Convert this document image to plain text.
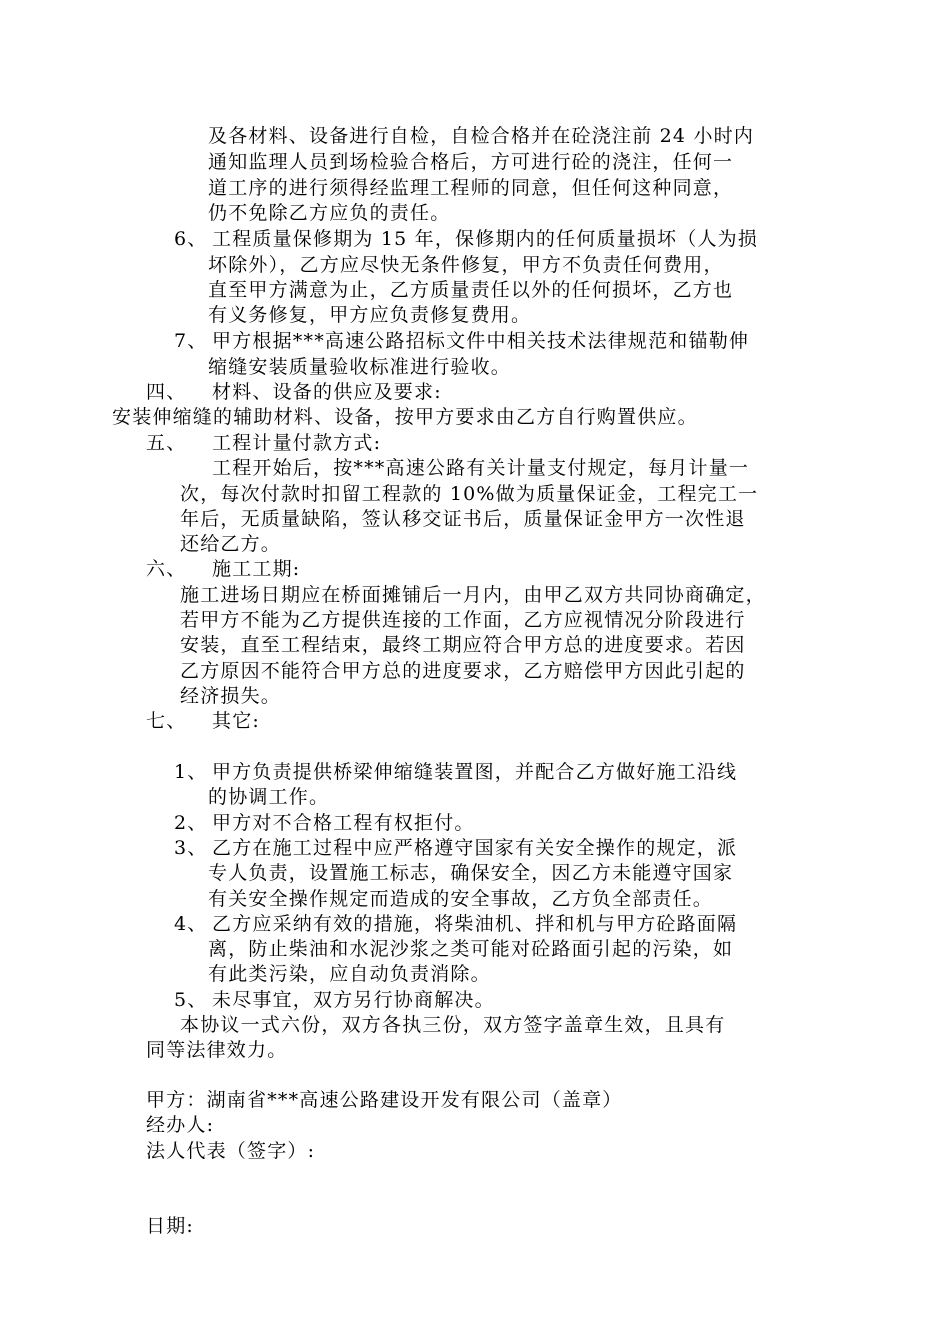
及各材料、设备进行自检，自检合格并在砼浇注前 24 小时内
通知监理人员到场检验合格后，方可进行砼的浇注，任何一
道工序的进行须得经监理工程师的同意，但任何这种同意，
仍不免除乙方应负的责任。
6、 工程质量保修期为 15 年，保修期内的任何质量损坏（人为损
坏除外），乙方应尽快无条件修复，甲方不负责任何费用，
直至甲方满意为止，乙方质量责任以外的任何损坏，乙方也
有义务修复，甲方应负责修复费用。
7、 甲方根据***高速公路招标文件中相关技术法律规范和锚勒伸
缩缝安装质量验收标准进行验收。
四、 材料、设备的供应及要求:
安装伸缩缝的辅助材料、设备，按甲方要求由乙方自行购置供应。
五、 工程计量付款方式:
工程开始后，按***高速公路有关计量支付规定，每月计量一
次，每次付款时扣留工程款的 10%做为质量保证金，工程完工一
年后，无质量缺陷，签认移交证书后，质量保证金甲方一次性退
还给乙方。
六、 施工工期:
施工进场日期应在桥面摊铺后一月内，由甲乙双方共同协商确定，
若甲方不能为乙方提供连接的工作面，乙方应视情况分阶段进行
安装，直至工程结束，最终工期应符合甲方总的进度要求。若因
乙方原因不能符合甲方总的进度要求，乙方赔偿甲方因此引起的
经济损失。
七、 其它:
1、 甲方负责提供桥梁伸缩缝装置图，并配合乙方做好施工沿线
的协调工作。
2、 甲方对不合格工程有权拒付。
3、 乙方在施工过程中应严格遵守国家有关安全操作的规定，派
专人负责，设置施工标志，确保安全，因乙方未能遵守国家
有关安全操作规定而造成的安全事故，乙方负全部责任。
4、 乙方应采纳有效的措施，将柴油机、拌和机与甲方砼路面隔
离，防止柴油和水泥沙浆之类可能对砼路面引起的污染，如
有此类污染，应自动负责消除。
5、 未尽事宜，双方另行协商解决。
本协议一式六份，双方各执三份，双方签字盖章生效，且具有
同等法律效力。
甲方：湖南省***高速公路建设开发有限公司（盖章）
经办人:
法人代表（签字）:
日期:
